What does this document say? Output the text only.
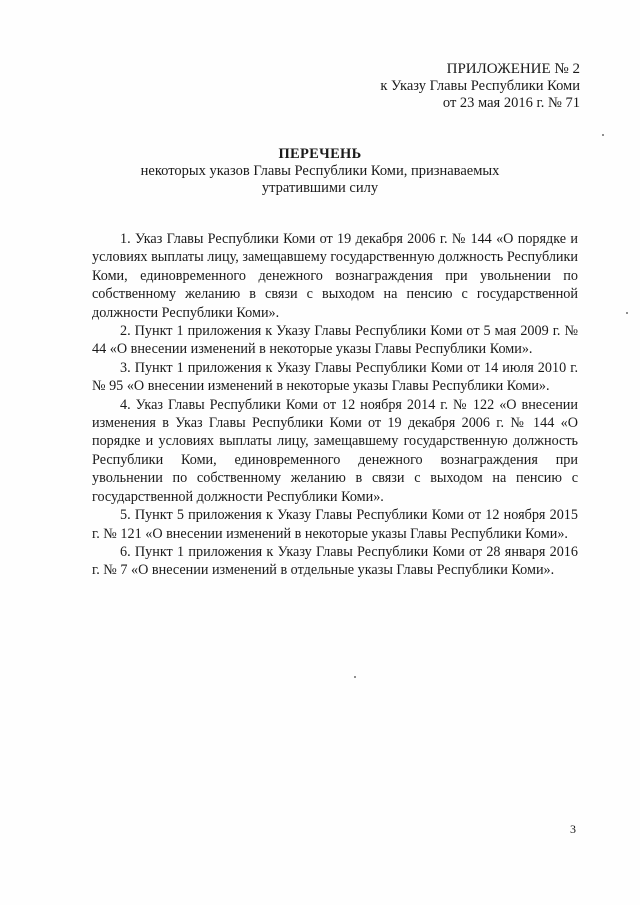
ПРИЛОЖЕНИЕ № 2
к Указу Главы Республики Коми
от 23 мая 2016 г. № 71
ПЕРЕЧЕНЬ
некоторых указов Главы Республики Коми, признаваемых
утратившими силу

1. Указ Главы Республики Коми от 19 декабря 2006 г. № 144 «О порядке и условиях выплаты лицу, замещавшему государственную должность Республики Коми, единовременного денежного вознаграждения при увольнении по собственному желанию в связи с выходом на пенсию с государственной должности Республики Коми».

2. Пункт 1 приложения к Указу Главы Республики Коми от 5 мая 2009 г. № 44 «О внесении изменений в некоторые указы Главы Республики Коми».

3. Пункт 1 приложения к Указу Главы Республики Коми от 14 июля 2010 г. № 95 «О внесении изменений в некоторые указы Главы Республики Коми».

4. Указ Главы Республики Коми от 12 ноября 2014 г. № 122 «О внесении изменения в Указ Главы Республики Коми от 19 декабря 2006 г. № 144 «О порядке и условиях выплаты лицу, замещавшему государственную должность Республики Коми, единовременного денежного вознаграждения при увольнении по собственному желанию в связи с выходом на пенсию с государственной должности Республики Коми».

5. Пункт 5 приложения к Указу Главы Республики Коми от 12 ноября 2015 г. № 121 «О внесении изменений в некоторые указы Главы Республики Коми».

6. Пункт 1 приложения к Указу Главы Республики Коми от 28 января 2016 г. № 7 «О внесении изменений в отдельные указы Главы Республики Коми».

3
